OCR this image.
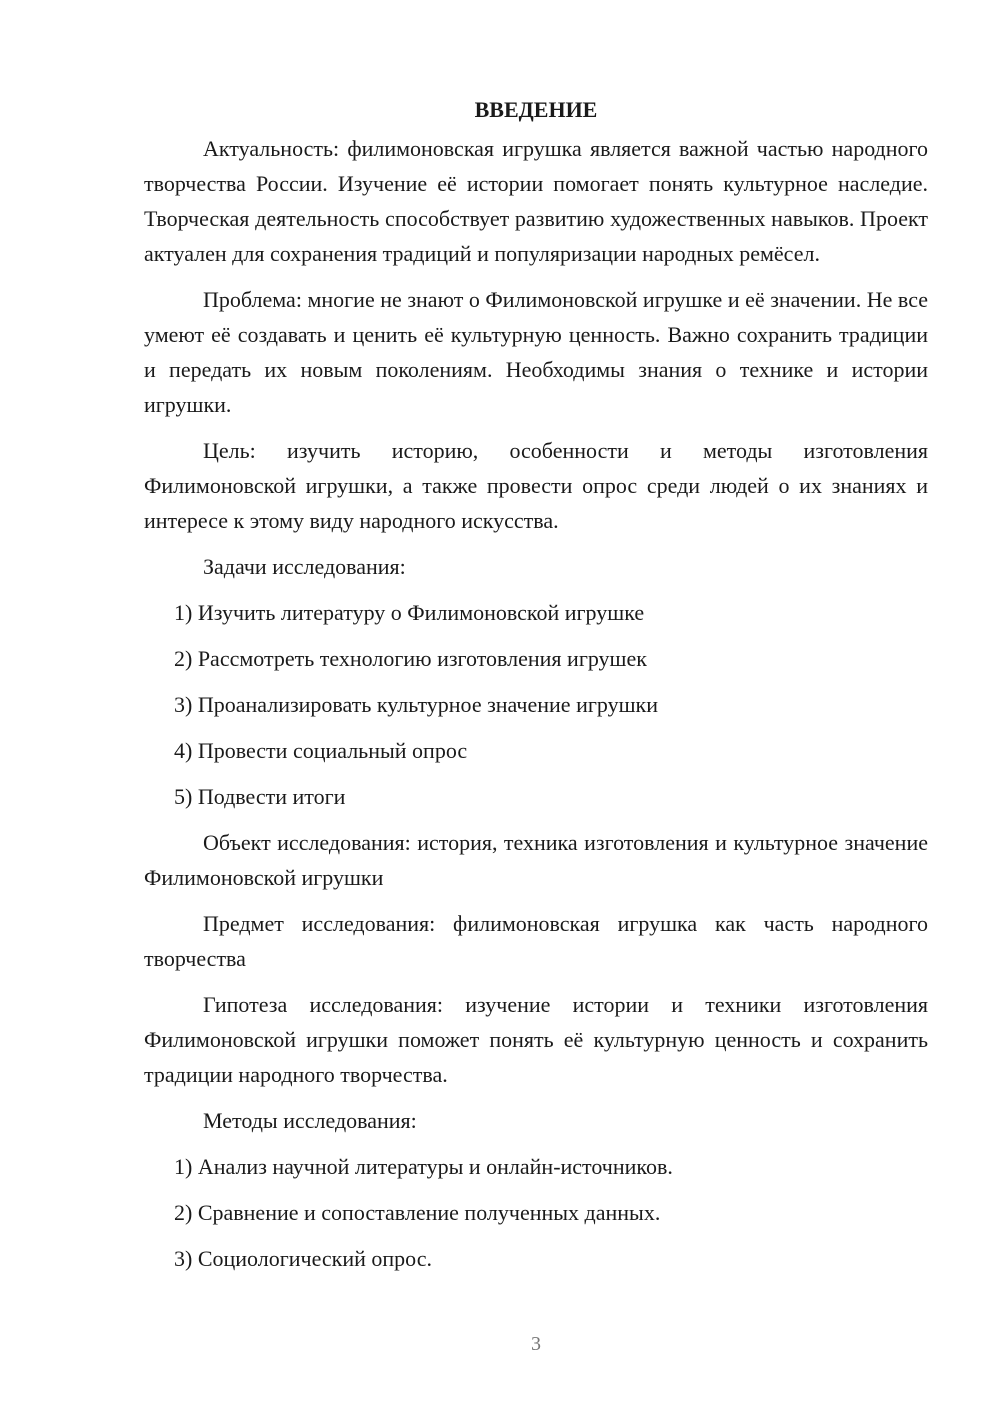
ВВЕДЕНИЕ

Актуальность: филимоновская игрушка является важной частью народного творчества России. Изучение её истории помогает понять культурное наследие. Творческая деятельность способствует развитию художественных навыков. Проект актуален для сохранения традиций и популяризации народных ремёсел.

Проблема: многие не знают о Филимоновской игрушке и её значении. Не все умеют её создавать и ценить её культурную ценность. Важно сохранить традиции и передать их новым поколениям. Необходимы знания о технике и истории игрушки.

Цель: изучить историю, особенности и методы изготовления Филимоновской игрушки, а также провести опрос среди людей о их знаниях и интересе к этому виду народного искусства.

Задачи исследования:

1) Изучить литературу о Филимоновской игрушке

2) Рассмотреть технологию изготовления игрушек

3) Проанализировать культурное значение игрушки

4) Провести социальный опрос

5) Подвести итоги

Объект исследования: история, техника изготовления и культурное значение Филимоновской игрушки

Предмет исследования: филимоновская игрушка как часть народного творчества

Гипотеза исследования: изучение истории и техники изготовления Филимоновской игрушки поможет понять её культурную ценность и сохранить традиции народного творчества.

Методы исследования:

1) Анализ научной литературы и онлайн-источников.

2) Сравнение и сопоставление полученных данных.

3) Социологический опрос.

3
